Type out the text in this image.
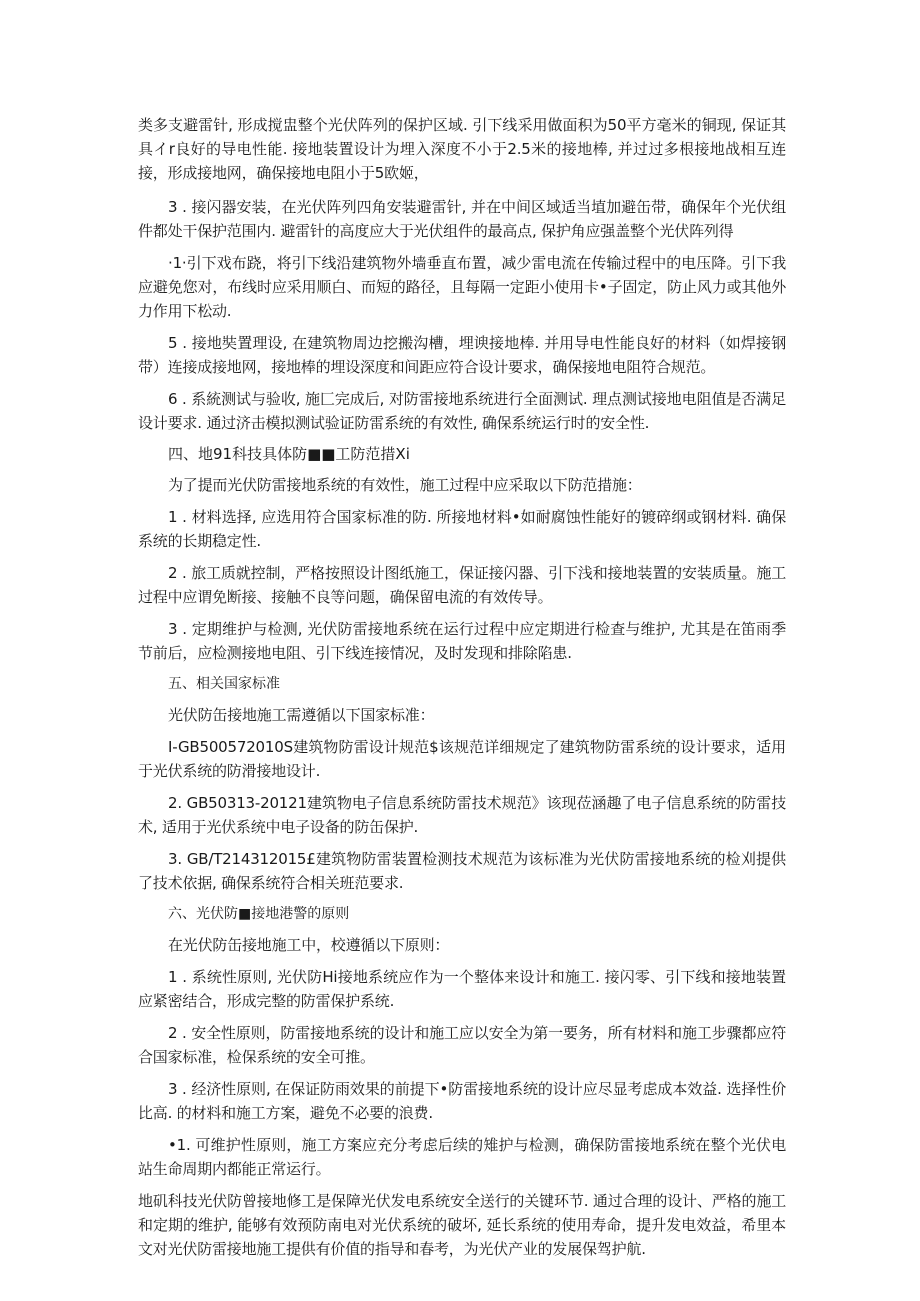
类多支避雷针, 形成搅盅整个光伏阵列的保护区域. 引下线采用做面积为50平方毫米的铜现, 保证其具イr良好的导电性能. 接地装置设计为埋入深度不小于2.5米的接地棒, 并过过多根接地战相互连接，形成接地网，确保接地电阻小于5欧姬，

3 . 接闪器安装，在光伏阵列四角安装避雷针, 并在中间区域适当埴加避缶带，确保年个光伏组件都处干保护范围内. 避雷针的高度应大于光伏组件的最高点, 保护角应强盖整个光伏阵列得

·1·引下戏布跷，将引下线沿建筑物外墙垂直布置，减少雷电流在传输过程中的电压降。引下我应避免您对，布线时应采用顺白、而短的路径，且每隔一定距小使用卡•子固定，防止风力或其他外力作用下松动.

5 . 接地奘置理设, 在建筑物周边挖搬沟槽，埋谀接地棒. 并用导电性能良好的材料（如焊接钢带）连接成接地网，接地棒的埋设深度和间距应符合设计要求，确保接地电阻符合规范。

6 . 系統测试与验收, 施匚完成后, 对防雷接地系统进行全面测试. 理点测试接地电阻值是否满足设计要求. 通过济击模拟测试验证防雷系统的有效性, 确保系统运行时的安全性.

四、地91科技具体防■■工防范措Xi

为了提而光伏防雷接地系统的有效性，施工过程中应采取以下防范措施：

1 . 材料选择, 应选用符合国家标准的防. 所接地材料•如耐腐蚀性能好的镀碎纲或钢材料. 确保系统的长期稳定性.

2 . 旅工质就控制，严格按照设计图纸施工，保证接闪器、引下浅和接地装置的安装质量。施工过程中应谓免断接、接触不良等问题，确保留电流的有效传导。

3 . 定期维护与检测, 光伏防雷接地系统在运行过程中应定期进行检查与维护, 尤其是在笛雨季节前后，应检测接地电阻、引下线连接情况，及时发现和排除陷患.

五、相关国家标准

光伏防缶接地施工需遵循以下国家标准：

I-GB500572010S建筑物防雷设计规范$该规范详细规定了建筑物防雷系统的设计要求，适用于光伏系统的防滑接地设计.

2. GB50313-20121建筑物电子信息系统防雷技术规范》该现莅涵趣了电子信息系统的防雷技术, 适用于光伏系统中电子设备的防缶保护.

3. GB/T214312015£建筑物防雷装置检测技术规范为该标准为光伏防雷接地系统的检刈提供了技术依据, 确保系统符合相关班范要求.

六、光伏防■接地港警的原则

在光伏防缶接地施工中，校遵循以下原则：

1 . 系统性原则, 光伏防Hi接地系统应作为一个整体来设计和施工. 接闪零、引下线和接地装置应紧密结合，形成完整的防雷保护系统.

2 . 安全性原则，防雷接地系统的设计和施工应以安全为第一要务，所有材料和施工步骤都应符合国家标准，检保系统的安全可推。

3 . 经济性原则, 在保证防雨效果的前提下•防雷接地系统的设计应尽显考虑成本效益. 选择性价比高. 的材料和施工方案，避免不必要的浪费.

•1. 可维护性原则，施工方案应充分考虑后续的雉护与检测，确保防雷接地系统在整个光伏电站生命周期内都能正常运行。

地矶科技光伏防曾接地修工是保障光伏发电系统安全送行的关键环节. 通过合理的设计、严格的施工和定期的维护, 能够有效预防南电对光伏系统的破坏, 延长系统的使用寿命，提升发电效益，希里本文对光伏防雷接地施工提供有价值的指导和春考，为光伏产业的发展保驾护航.
